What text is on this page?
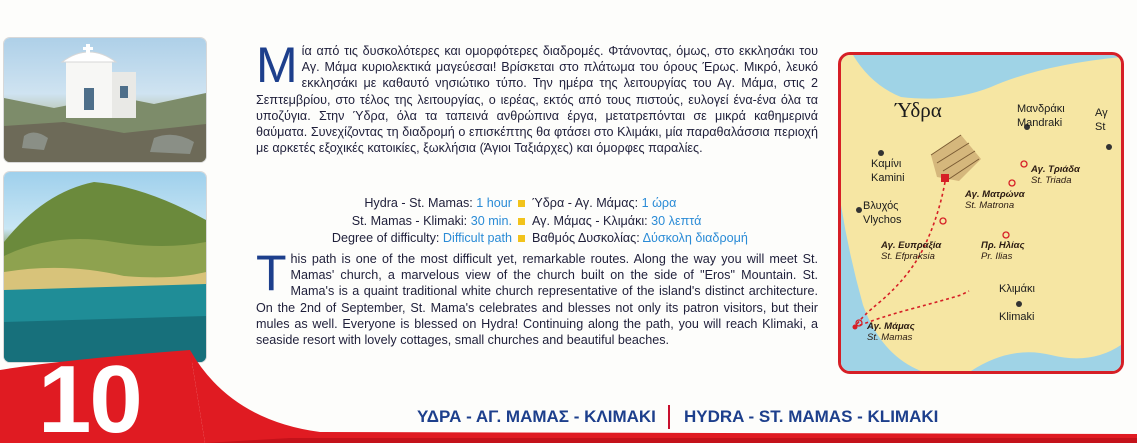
10
Μία από τις δυσκολότερες και ομορφότερες διαδρομές. Φτάνοντας, όμως, στο εκκλησάκι του Αγ. Μάμα κυριολεκτικά μαγεύεσαι! Βρίσκεται στο πλάτωμα του όρους Έρως. Μικρό, λευκό εκκλησάκι με καθαυτό νησιώτικο τύπο. Την ημέρα της λειτουργίας του Αγ. Μάμα, στις 2 Σεπτεμβρίου, στο τέλος της λειτουργίας, ο ιερέας, εκτός από τους πιστούς, ευλογεί ένα-ένα όλα τα υποζύγια. Στην Ύδρα, όλα τα ταπεινά ανθρώπινα έργα, μετατρεπόνται σε μικρά καθημερινά θαύματα. Συνεχίζοντας τη διαδρομή ο επισκέπτης θα φτάσει στο Κλιμάκι, μία παραθαλάσσια περιοχή με αρκετές εξοχικές κατοικίες, ξωκλήσια (Άγιοι Ταξιάρχες) και όμορφες παραλίες.
Hydra - St. Mamas: 1 hour Ύδρα - Αγ. Μάμας: 1 ώρα
St. Mamas - Klimaki: 30 min. Αγ. Μάμας - Κλιμάκι: 30 λεπτά
Degree of difficulty: Difficult path Βαθμός Δυσκολίας: Δύσκολη διαδρομή
This path is one of the most difficult yet, remarkable routes. Along the way you will meet St. Mamas' church, a marvelous view of the church built on the side of "Eros" Mountain. St. Mama's is a quaint traditional white church representative of the island's distinct architecture. On the 2nd of September, St. Mama's celebrates and blesses not only its patron visitors, but their mules as well. Everyone is blessed on Hydra! Continuing along the path, you will reach Klimaki, a seaside resort with lovely cottages, small churches and beautiful beaches.
ΥΔΡΑ - ΑΓ. ΜΑΜΑΣ - ΚΛΙΜΑΚΙ HYDRA - ST. MAMAS - KLIMAKI
Ύδρα
Καμίνι
Kamini
Βλυχός
Vlychos
Μανδράκι
Mandraki
Κλιμάκι
Klimaki
Αγ
St
Αγ. Τριάδα
St. Triada
Αγ. Ματρώνα
St. Matrona
Αγ. Ευπραξία
St. Efpraksia
Πρ. Ηλίας
Pr. Ilias
Αγ. Μάμας
St. Mamas
